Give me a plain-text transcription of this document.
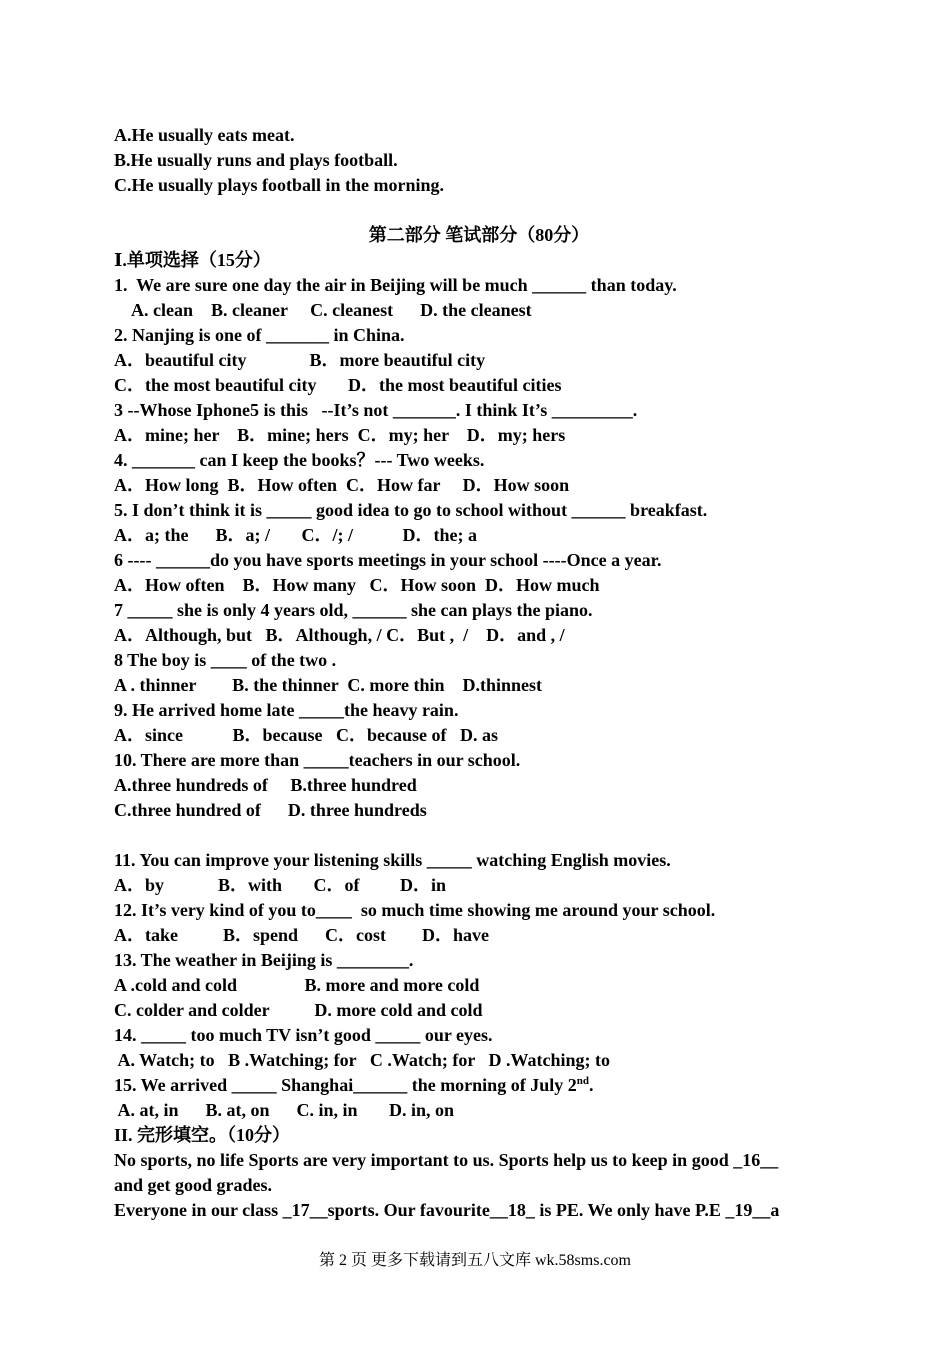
A.He usually eats meat.
B.He usually runs and plays football.
C.He usually plays football in the morning.
第二部分 笔试部分（80分）
Ⅰ.单项选择（15分）
1.  We are sure one day the air in Beijing will be much ______ than today.
A. clean    B. cleaner     C. cleanest      D. the cleanest
2. Nanjing is one of _______ in China.
A．beautiful city              B．more beautiful city
C．the most beautiful city       D．the most beautiful cities
3 --Whose Iphone5 is this   --It’s not _______. I think It’s _________.
A．mine; her    B．mine; hers  C．my; her    D．my; hers
4. _______ can I keep the books？--- Two weeks.
A．How long  B．How often  C．How far     D．How soon
5. I don’t think it is _____ good idea to go to school without ______ breakfast.
A．a; the      B．a; /       C．/; /           D．the; a
6 ---- ______do you have sports meetings in your school ----Once a year.
A．How often    B．How many   C．How soon  D．How much
7 _____ she is only 4 years old, ______ she can plays the piano.
A．Although, but   B．Although, / C．But ,  /    D．and , /
8 The boy is ____ of the two .
A . thinner        B. the thinner  C. more thin    D.thinnest
9. He arrived home late _____the heavy rain.
A．since           B．because   C．because of   D. as
10. There are more than _____teachers in our school.
A.three hundreds of     B.three hundred
C.three hundred of      D. three hundreds
11. You can improve your listening skills _____ watching English movies.
A．by            B．with       C．of         D．in
12. It’s very kind of you to____  so much time showing me around your school.
A．take          B．spend      C．cost        D．have
13. The weather in Beijing is ________.
A .cold and cold               B. more and more cold
C. colder and colder          D. more cold and cold
14. _____ too much TV isn’t good _____ our eyes.
A. Watch; to   B .Watching; for   C .Watch; for   D .Watching; to
15. We arrived _____ Shanghai______ the morning of July 2nd.
A. at, in      B. at, on      C. in, in       D. in, on
II. 完形填空。（10分）
No sports, no life Sports are very important to us. Sports help us to keep in good _16__
and get good grades.
Everyone in our class _17__sports. Our favourite__18_ is PE. We only have P.E _19__a
第 2 页 更多下载请到五八文库 wk.58sms.com
